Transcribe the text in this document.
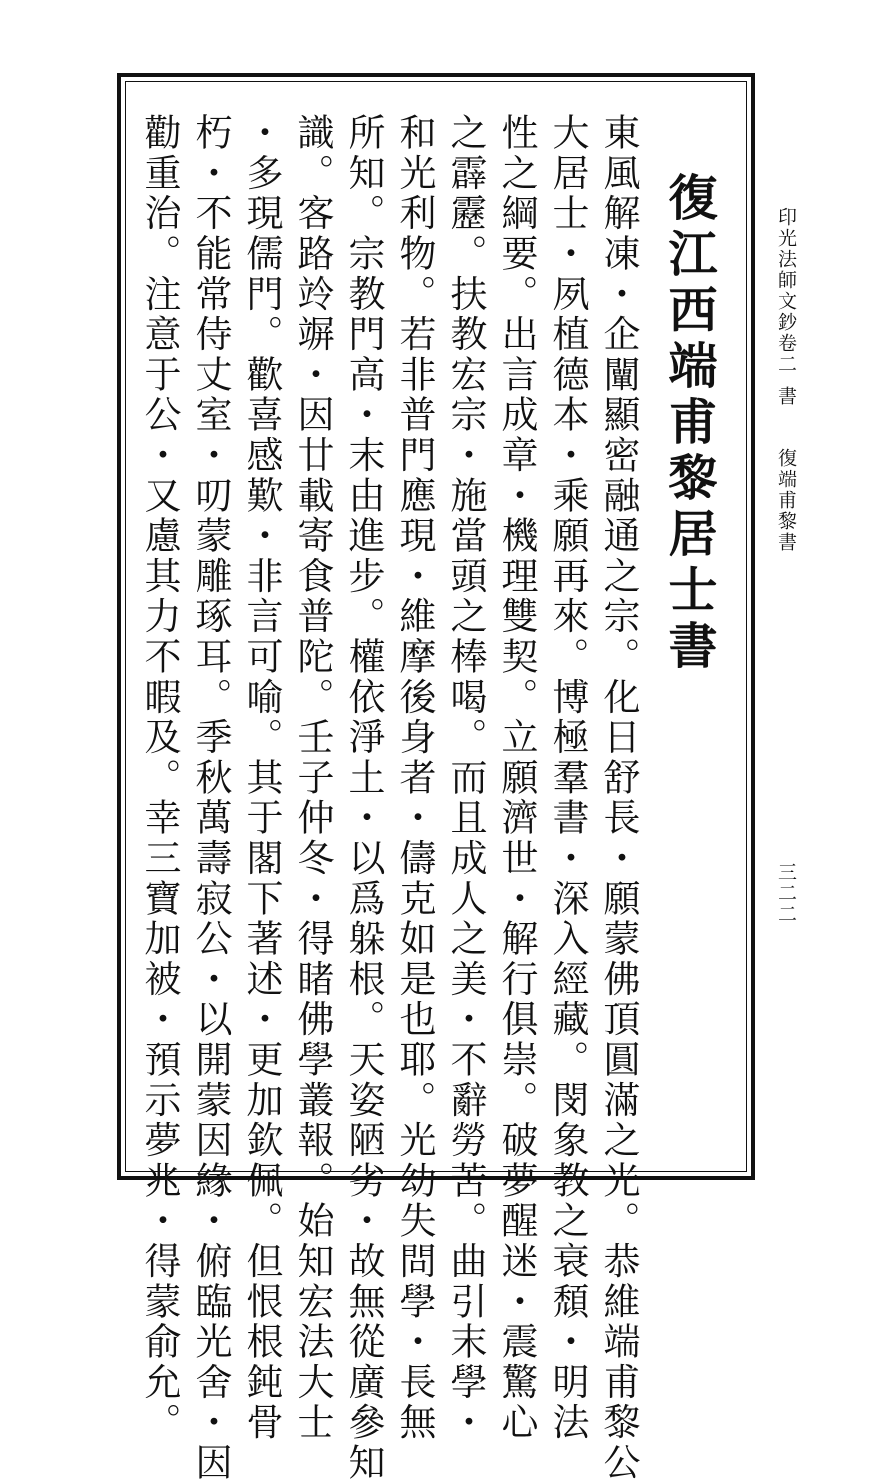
印光法師文鈔卷二
書
復端甫黎書
復江西端甫黎居士書
東風解凍・企闡顯密融通之宗。化日舒長・願蒙佛頂圓滿之光。恭維端甫黎公
大居士・夙植德本・乘願再來。博極羣書・深入經藏。閔象教之衰頹・明法
性之綱要。出言成章・機理雙契。立願濟世・解行俱崇。破夢醒迷・震驚心
之霹靂。扶教宏宗・施當頭之棒喝。而且成人之美・不辭勞苦。曲引末學・
和光利物。若非普門應現・維摩後身者・儔克如是也耶。光幼失問學・長無
所知。宗教門高・末由進步。權依淨土・以爲躲根。天姿陋劣・故無從廣參知
識。客路竛竮・因廿載寄食普陀。壬子仲冬・得睹佛學叢報。始知宏法大士
・多現儒門。歡喜感歎・非言可喻。其于閣下著述・更加欽佩。但恨根鈍骨
朽・不能常侍丈室・叨蒙雕琢耳。季秋萬壽寂公・以開蒙因緣・俯臨光舍・因
勸重治。注意于公・又慮其力不暇及。幸三寶加被・預示夢兆・得蒙俞允。	三二二
